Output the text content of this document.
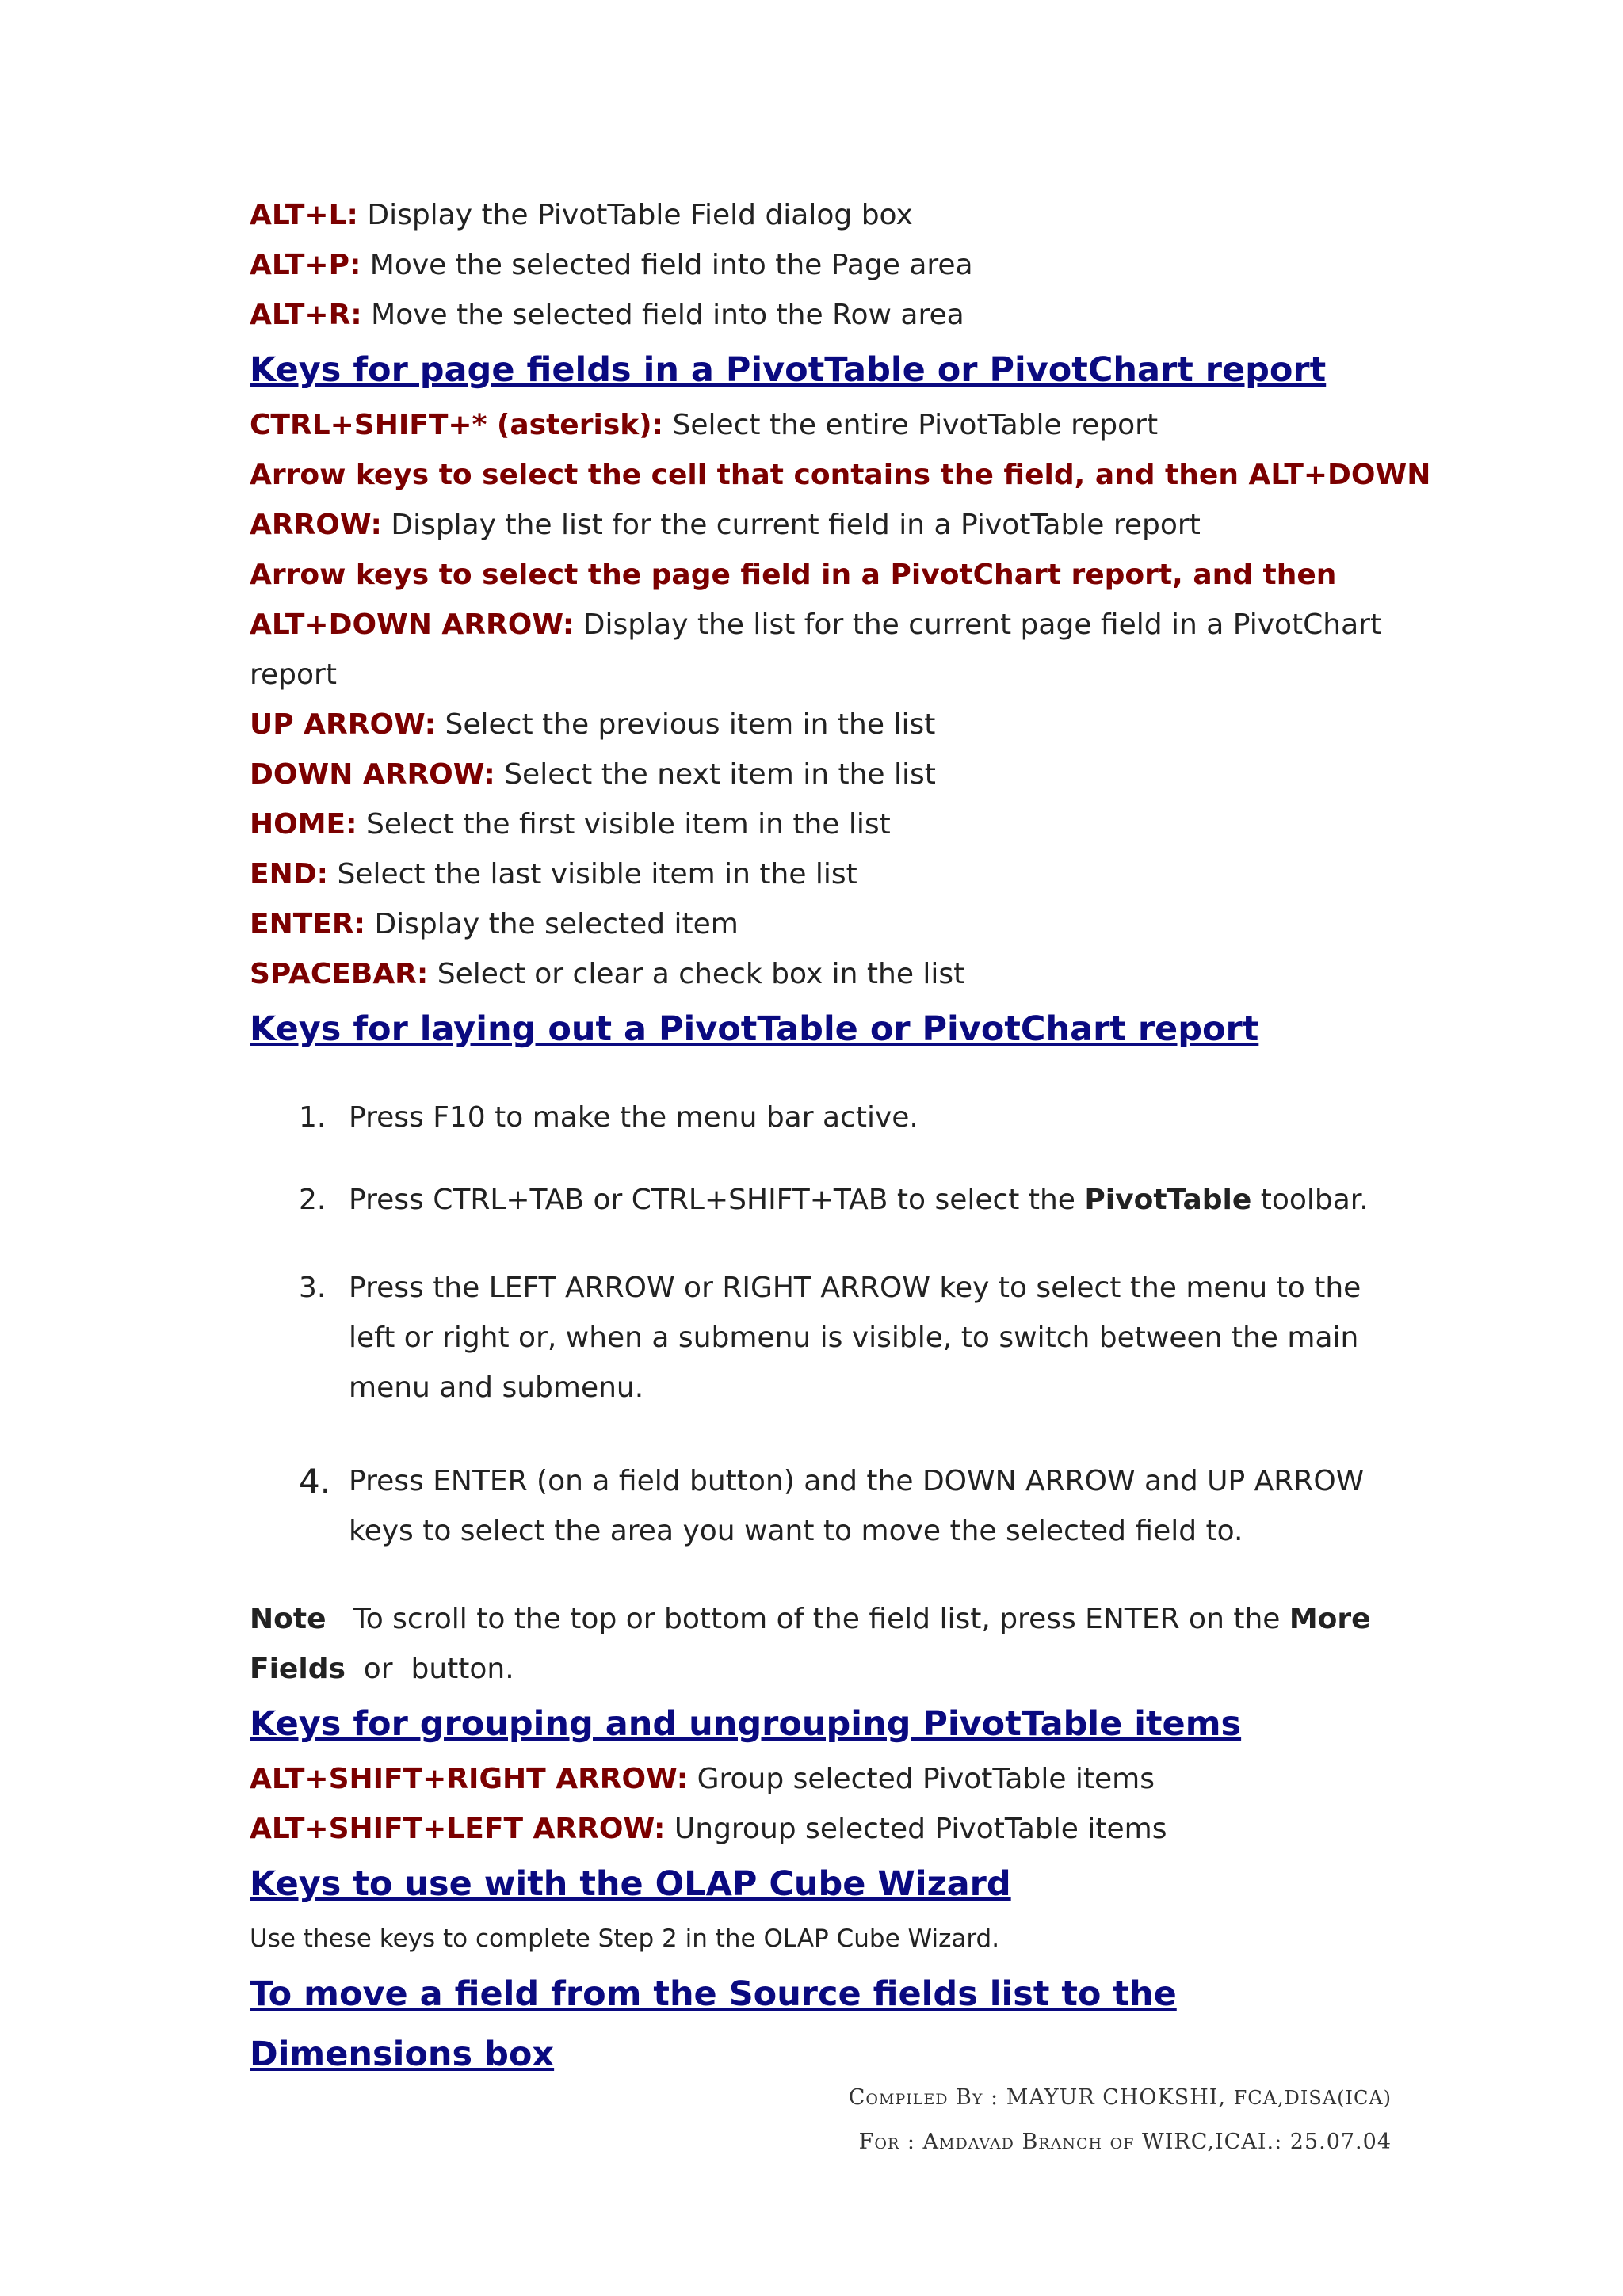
ALT+L: Display the PivotTable Field dialog box

ALT+P: Move the selected field into the Page area

ALT+R: Move the selected field into the Row area

Keys for page fields in a PivotTable or PivotChart report

CTRL+SHIFT+* (asterisk): Select the entire PivotTable report

Arrow keys to select the cell that contains the field, and then ALT+DOWN

ARROW: Display the list for the current field in a PivotTable report

Arrow keys to select the page field in a PivotChart report, and then

ALT+DOWN ARROW: Display the list for the current page field in a PivotChart report

UP ARROW: Select the previous item in the list

DOWN ARROW: Select the next item in the list

HOME: Select the first visible item in the list

END: Select the last visible item in the list

ENTER: Display the selected item

SPACEBAR: Select or clear a check box in the list

Keys for laying out a PivotTable or PivotChart report
1. Press F10 to make the menu bar active.
2. Press CTRL+TAB or CTRL+SHIFT+TAB to select the PivotTable toolbar.
3. Press the LEFT ARROW or RIGHT ARROW key to select the menu to the left or right or, when a submenu is visible, to switch between the main menu and submenu.
4. Press ENTER (on a field button) and the DOWN ARROW and UP ARROW keys to select the area you want to move the selected field to.

Note   To scroll to the top or bottom of the field list, press ENTER on the More Fields  or  button.

Keys for grouping and ungrouping PivotTable items

ALT+SHIFT+RIGHT ARROW: Group selected PivotTable items

ALT+SHIFT+LEFT ARROW: Ungroup selected PivotTable items

Keys to use with the OLAP Cube Wizard

Use these keys to complete Step 2 in the OLAP Cube Wizard.

To move a field from the Source fields list to the Dimensions box
Compiled By : MAYUR CHOKSHI, FCA,DISA(ICA)
For : Amdavad Branch of WIRC,ICAI.: 25.07.04
